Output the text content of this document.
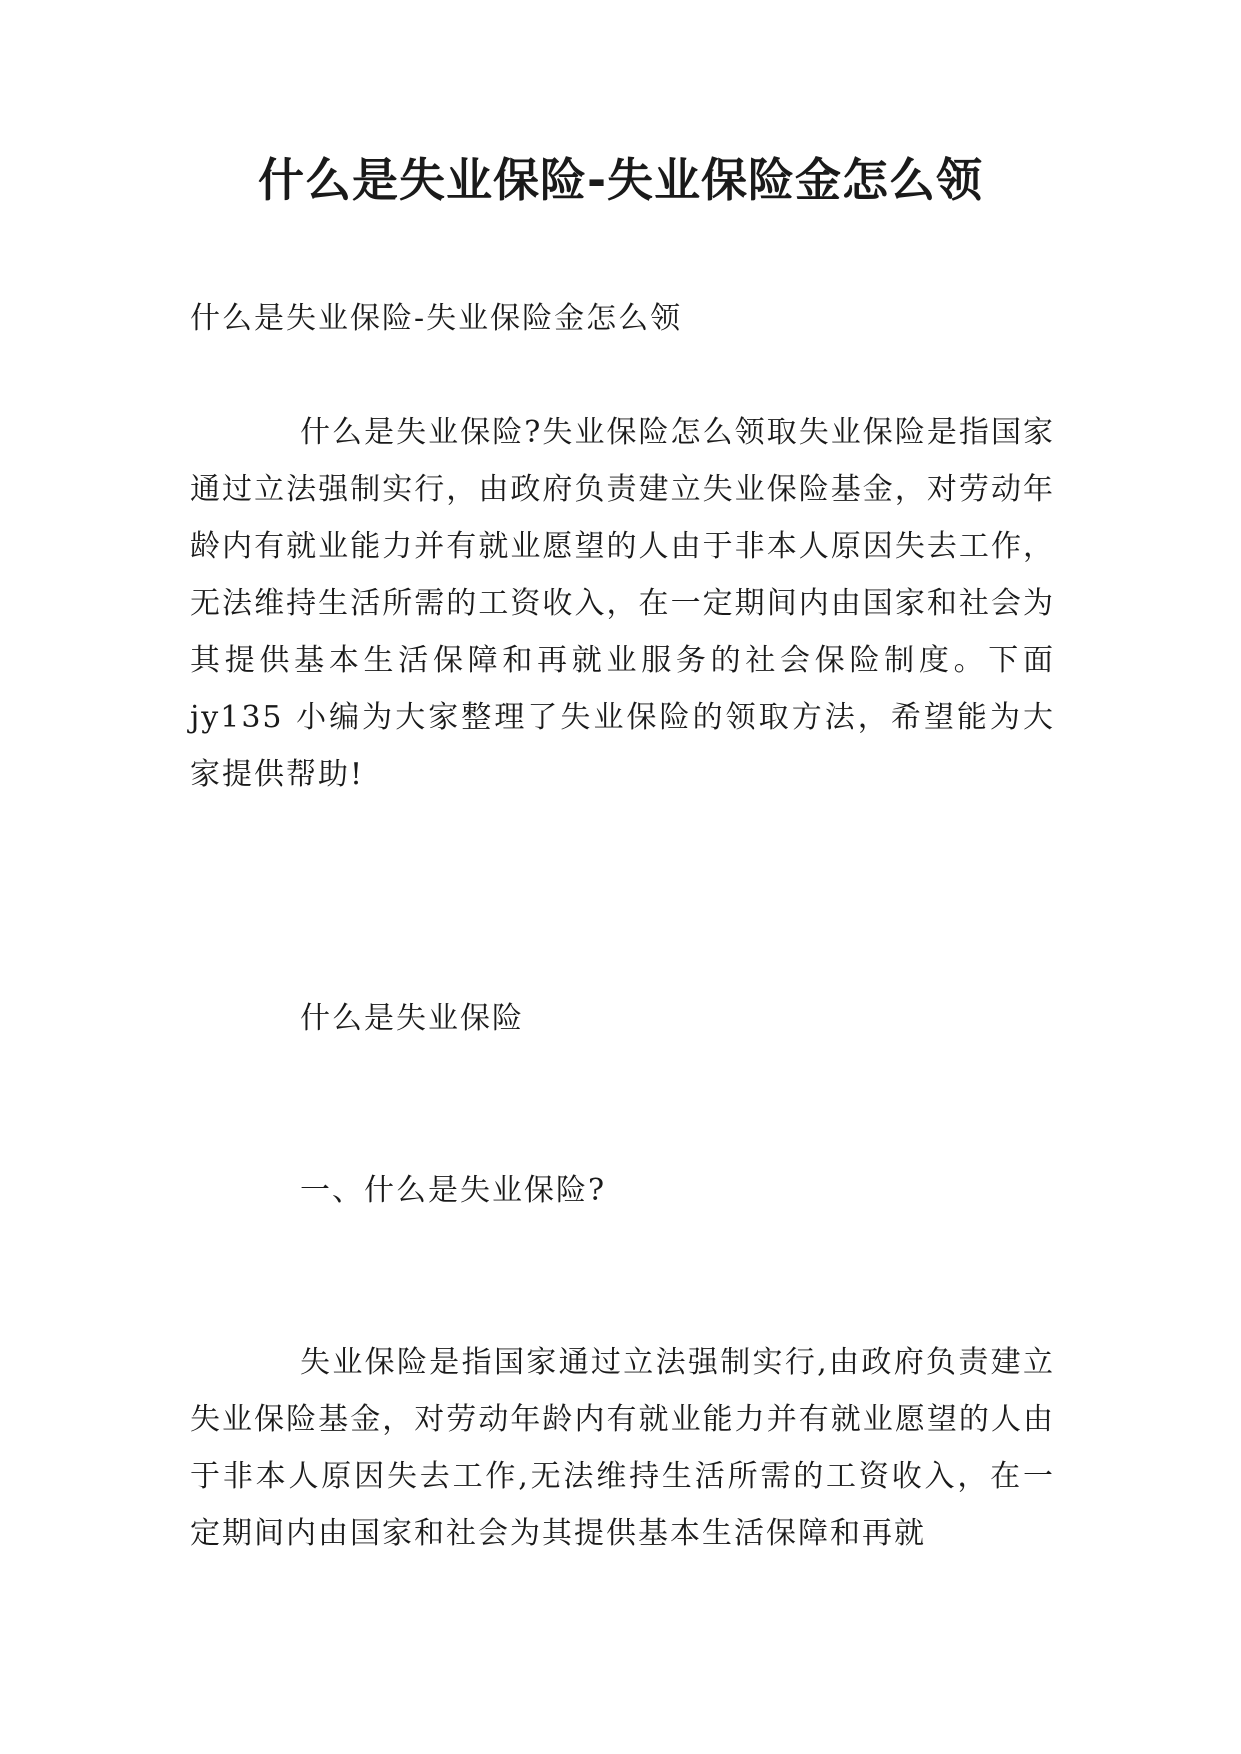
什么是失业保险-失业保险金怎么领

什么是失业保险-失业保险金怎么领

什么是失业保险?失业保险怎么领取失业保险是指国家通过立法强制实行，由政府负责建立失业保险基金，对劳动年龄内有就业能力并有就业愿望的人由于非本人原因失去工作，无法维持生活所需的工资收入，在一定期间内由国家和社会为其提供基本生活保障和再就业服务的社会保险制度。下面 jy135 小编为大家整理了失业保险的领取方法，希望能为大家提供帮助!

什么是失业保险

一、什么是失业保险?

失业保险是指国家通过立法强制实行,由政府负责建立失业保险基金，对劳动年龄内有就业能力并有就业愿望的人由于非本人原因失去工作,无法维持生活所需的工资收入，在一定期间内由国家和社会为其提供基本生活保障和再就
